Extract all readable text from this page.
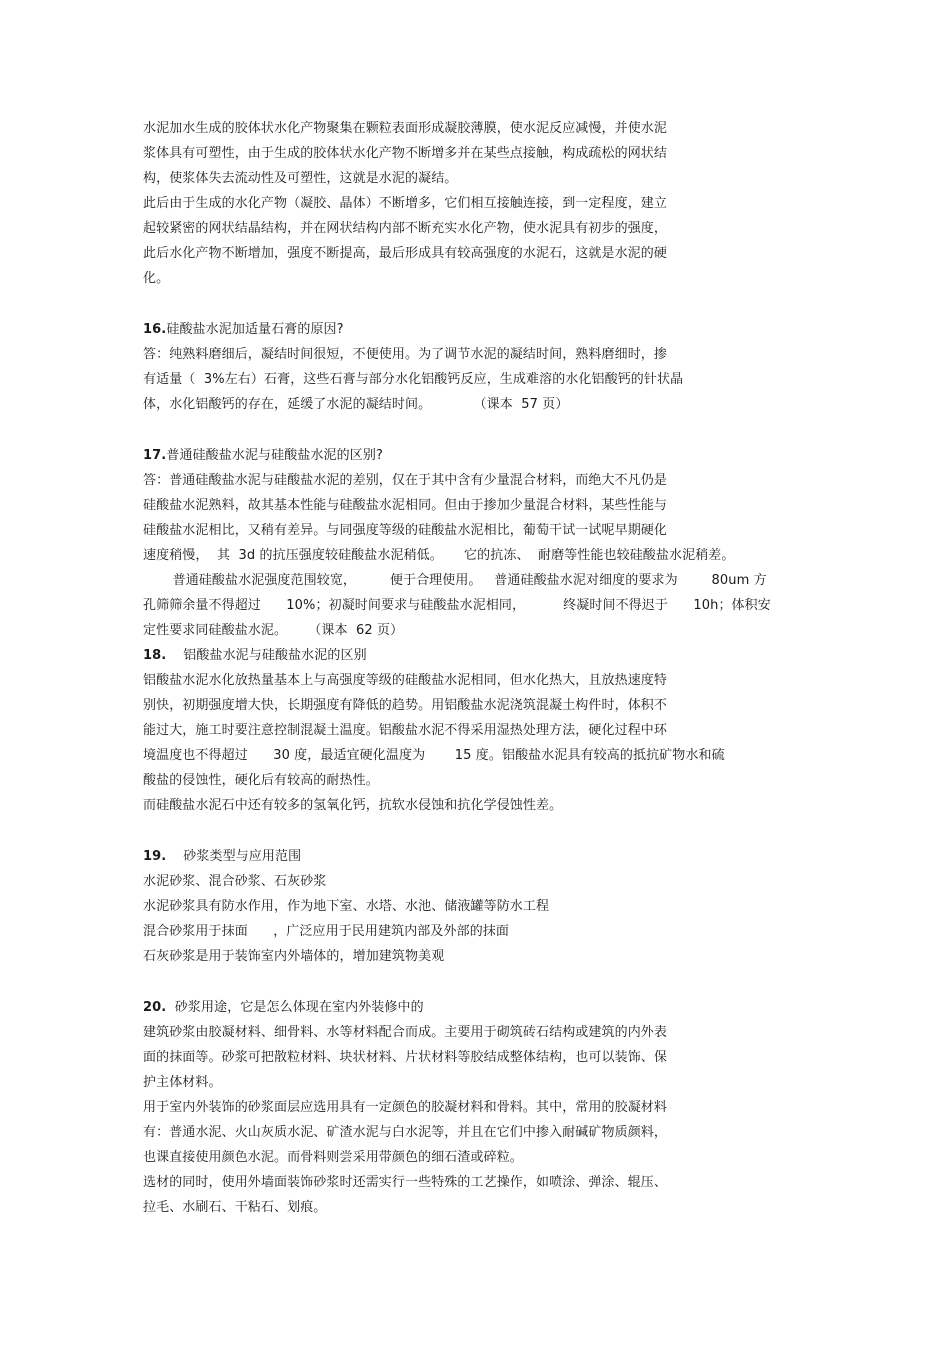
水泥加水生成的胶体状水化产物聚集在颗粒表面形成凝胶薄膜，使水泥反应减慢，并使水泥
浆体具有可塑性，由于生成的胶体状水化产物不断增多并在某些点接触，构成疏松的网状结
构，使浆体失去流动性及可塑性，这就是水泥的凝结。
此后由于生成的水化产物（凝胶、晶体）不断增多，它们相互接触连接，到一定程度，建立
起较紧密的网状结晶结构，并在网状结构内部不断充实水化产物，使水泥具有初步的强度，
此后水化产物不断增加，强度不断提高，最后形成具有较高强度的水泥石，这就是水泥的硬
化。
16.硅酸盐水泥加适量石膏的原因?
答：纯熟料磨细后，凝结时间很短，不便使用。为了调节水泥的凝结时间，熟料磨细时，掺
有适量（  3%左右）石膏，这些石膏与部分水化铝酸钙反应，生成难溶的水化铝酸钙的针状晶
体，水化铝酸钙的存在，延缓了水泥的凝结时间。          （课本  57 页）
17.普通硅酸盐水泥与硅酸盐水泥的区别?
答：普通硅酸盐水泥与硅酸盐水泥的差别，仅在于其中含有少量混合材料，而绝大不凡仍是
硅酸盐水泥熟料，故其基本性能与硅酸盐水泥相同。但由于掺加少量混合材料，某些性能与
硅酸盐水泥相比，又稍有差异。与同强度等级的硅酸盐水泥相比，葡萄干试一试呢早期硬化
速度稍慢，  其  3d 的抗压强度较硅酸盐水泥稍低。     它的抗冻、  耐磨等性能也较硅酸盐水泥稍差。
普通硅酸盐水泥强度范围较宽，        便于合理使用。   普通硅酸盐水泥对细度的要求为        80um 方
孔筛筛余量不得超过      10%；初凝时间要求与硅酸盐水泥相同，         终凝时间不得迟于      10h；体积安
定性要求同硅酸盐水泥。     （课本  62 页）
18.    铝酸盐水泥与硅酸盐水泥的区别
铝酸盐水泥水化放热量基本上与高强度等级的硅酸盐水泥相同，但水化热大，且放热速度特
别快，初期强度增大快，长期强度有降低的趋势。用铝酸盐水泥浇筑混凝土构件时，体积不
能过大，施工时要注意控制混凝土温度。铝酸盐水泥不得采用湿热处理方法，硬化过程中环
境温度也不得超过      30 度，最适宜硬化温度为       15 度。铝酸盐水泥具有较高的抵抗矿物水和硫
酸盐的侵蚀性，硬化后有较高的耐热性。
而硅酸盐水泥石中还有较多的氢氧化钙，抗软水侵蚀和抗化学侵蚀性差。
19.    砂浆类型与应用范围
水泥砂浆、混合砂浆、石灰砂浆
水泥砂浆具有防水作用，作为地下室、水塔、水池、储液罐等防水工程
混合砂浆用于抹面      ，广泛应用于民用建筑内部及外部的抹面
石灰砂浆是用于装饰室内外墙体的，增加建筑物美观
20.  砂浆用途，它是怎么体现在室内外装修中的
建筑砂浆由胶凝材料、细骨料、水等材料配合而成。主要用于砌筑砖石结构或建筑的内外表
面的抹面等。砂浆可把散粒材料、块状材料、片状材料等胶结成整体结构，也可以装饰、保
护主体材料。
用于室内外装饰的砂浆面层应选用具有一定颜色的胶凝材料和骨料。其中，常用的胶凝材料
有：普通水泥、火山灰质水泥、矿渣水泥与白水泥等，并且在它们中掺入耐碱矿物质颜料，
也课直接使用颜色水泥。而骨料则尝采用带颜色的细石渣或碎粒。
选材的同时，使用外墙面装饰砂浆时还需实行一些特殊的工艺操作，如喷涂、弹涂、辊压、
拉毛、水刷石、干粘石、划痕。
